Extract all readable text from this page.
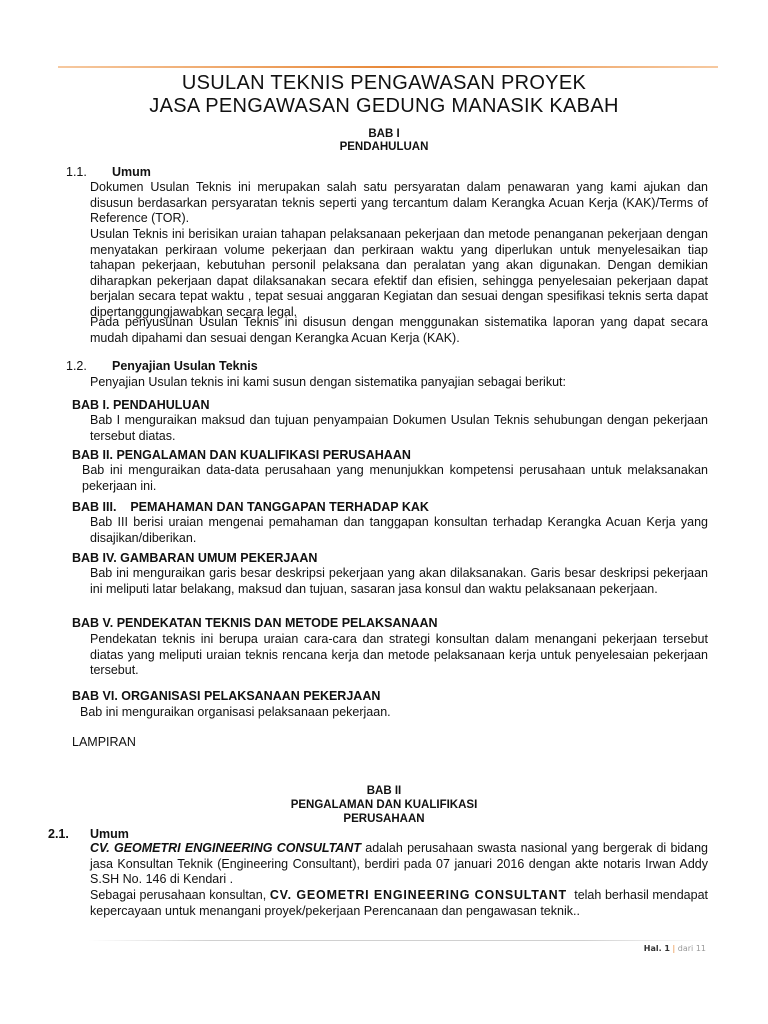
USULAN TEKNIS PENGAWASAN PROYEK
JASA PENGAWASAN GEDUNG MANASIK KABAH
BAB I
PENDAHULUAN
1.1. Umum
Dokumen Usulan Teknis ini merupakan salah satu persyaratan dalam penawaran yang kami ajukan dan disusun berdasarkan persyaratan teknis seperti yang tercantum dalam Kerangka Acuan Kerja (KAK)/Terms of Reference (TOR).
Usulan Teknis ini berisikan uraian tahapan pelaksanaan pekerjaan dan metode penanganan pekerjaan dengan menyatakan perkiraan volume pekerjaan dan perkiraan waktu yang diperlukan untuk menyelesaikan tiap tahapan pekerjaan, kebutuhan personil pelaksana dan peralatan yang akan digunakan. Dengan demikian diharapkan pekerjaan dapat dilaksanakan secara efektif dan efisien, sehingga penyelesaian pekerjaan dapat berjalan secara tepat waktu , tepat sesuai anggaran Kegiatan dan sesuai dengan spesifikasi teknis serta dapat dipertanggungjawabkan secara legal.
Pada penyusunan Usulan Teknis ini disusun dengan menggunakan sistematika laporan yang dapat secara mudah dipahami dan sesuai dengan Kerangka Acuan Kerja (KAK).
1.2. Penyajian Usulan Teknis
Penyajian Usulan teknis ini kami susun dengan sistematika panyajian sebagai berikut:
BAB I. PENDAHULUAN
Bab I menguraikan maksud dan tujuan penyampaian Dokumen Usulan Teknis sehubungan dengan pekerjaan tersebut diatas.
BAB II. PENGALAMAN DAN KUALIFIKASI PERUSAHAAN
Bab ini menguraikan data-data perusahaan yang menunjukkan kompetensi perusahaan untuk melaksanakan pekerjaan ini.
BAB III.    PEMAHAMAN DAN TANGGAPAN TERHADAP KAK
Bab III berisi uraian mengenai pemahaman dan tanggapan konsultan terhadap Kerangka Acuan Kerja yang disajikan/diberikan.
BAB IV. GAMBARAN UMUM PEKERJAAN
Bab ini menguraikan garis besar deskripsi pekerjaan yang akan dilaksanakan. Garis besar deskripsi pekerjaan ini meliputi latar belakang, maksud dan tujuan, sasaran jasa konsul dan waktu pelaksanaan pekerjaan.
BAB V. PENDEKATAN TEKNIS DAN METODE PELAKSANAAN
Pendekatan teknis ini berupa uraian cara-cara dan strategi konsultan dalam menangani pekerjaan tersebut diatas yang meliputi uraian teknis rencana kerja dan metode pelaksanaan kerja untuk penyelesaian pekerjaan tersebut.
BAB VI. ORGANISASI PELAKSANAAN PEKERJAAN
Bab ini menguraikan organisasi pelaksanaan pekerjaan.
LAMPIRAN
BAB II
PENGALAMAN DAN KUALIFIKASI
PERUSAHAAN
2.1. Umum
CV. GEOMETRI ENGINEERING CONSULTANT adalah perusahaan swasta nasional yang bergerak di bidang jasa Konsultan Teknik (Engineering Consultant), berdiri pada 07 januari 2016 dengan akte notaris Irwan Addy S.SH No. 146 di Kendari .
Sebagai perusahaan konsultan, CV. GEOMETRI ENGINEERING CONSULTANT  telah berhasil mendapat kepercayaan untuk menangani proyek/pekerjaan Perencanaan dan pengawasan teknik..
Hal. 1 | dari 11
